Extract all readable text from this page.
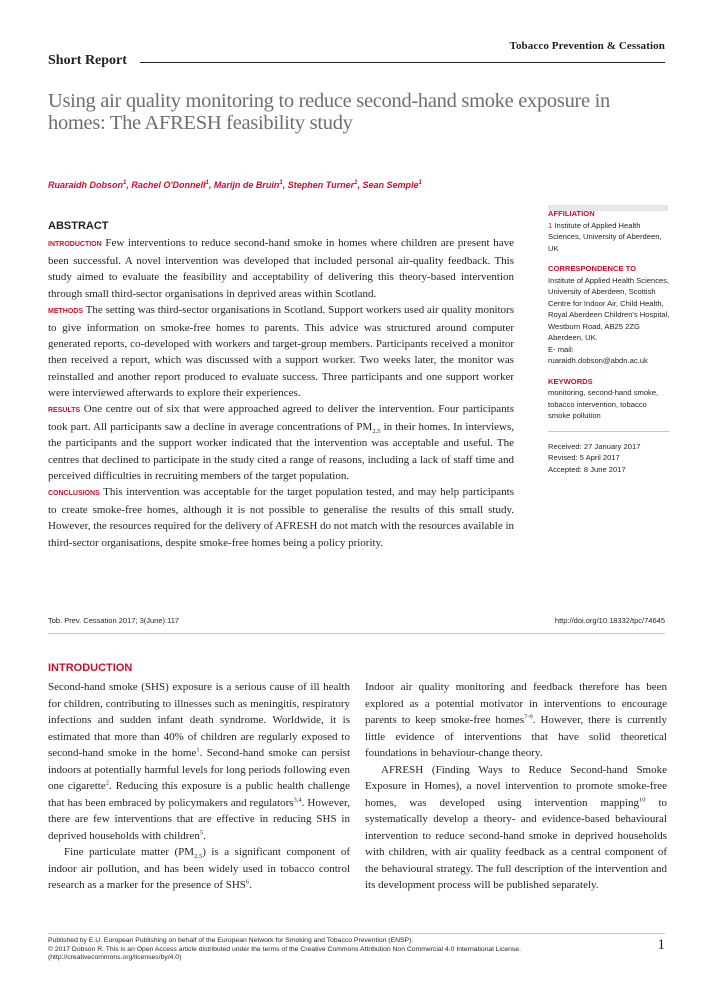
Tobacco Prevention & Cessation
Short Report
Using air quality monitoring to reduce second-hand smoke exposure in homes: The AFRESH feasibility study
Ruaraidh Dobson$^1$, Rachel O'Donnell$^1$, Marijn de Bruin$^1$, Stephen Turner$^1$, Sean Semple$^1$
AFFILIATION
1 Institute of Applied Health Sciences, University of Aberdeen, UK
CORRESPONDENCE TO
Institute of Applied Health Sciences, University of Aberdeen, Scottish Centre for Indoor Air, Child Health, Royal Aberdeen Children's Hospital, Westburn Road, AB25 2ZG Aberdeen, UK.
E- mail: ruaraidh.dobson@abdn.ac.uk
KEYWORDS
monitoring, second-hand smoke, tobacco intervention, tobacco smoke pollution
Received: 27 January 2017
Revised: 5 April 2017
Accepted: 8 June 2017
ABSTRACT

INTRODUCTION Few interventions to reduce second-hand smoke in homes where children are present have been successful. A novel intervention was developed that included personal air-quality feedback. This study aimed to evaluate the feasibility and acceptability of delivering this theory-based intervention through small third-sector organisations in deprived areas within Scotland.

METHODS The setting was third-sector organisations in Scotland. Support workers used air quality monitors to give information on smoke-free homes to parents. This advice was structured around computer generated reports, co-developed with workers and target-group members. Participants received a monitor then received a report, which was discussed with a support worker. Two weeks later, the monitor was reinstalled and another report produced to evaluate success. Three participants and one support worker were interviewed afterwards to explore their experiences.

RESULTS One centre out of six that were approached agreed to deliver the intervention. Four participants took part. All participants saw a decline in average concentrations of $PM_{2.5}$ in their homes. In interviews, the participants and the support worker indicated that the intervention was acceptable and useful. The centres that declined to participate in the study cited a range of reasons, including a lack of staff time and perceived difficulties in recruiting members of the target population.

CONCLUSIONS This intervention was acceptable for the target population tested, and may help participants to create smoke-free homes, although it is not possible to generalise the results of this small study. However, the resources required for the delivery of AFRESH do not match with the resources available in third-sector organisations, despite smoke-free homes being a policy priority.

Tob. Prev. Cessation 2017; 3(June):117	http://doi.org/10.18332/tpc/74645
INTRODUCTION

Second-hand smoke (SHS) exposure is a serious cause of ill health for children, contributing to illnesses such as meningitis, respiratory infections and sudden infant death syndrome. Worldwide, it is estimated that more than 40% of children are regularly exposed to second-hand smoke in the home$^1$. Second-hand smoke can persist indoors at potentially harmful levels for long periods following even one cigarette$^2$. Reducing this exposure is a public health challenge that has been embraced by policymakers and regulators$^{3,4}$. However, there are few interventions that are effective in reducing SHS in deprived households with children$^5$.

Fine particulate matter $(PM_{2.5})$ is a significant component of indoor air pollution, and has been widely used in tobacco control research as a marker for the presence of SHS$^6$.

Indoor air quality monitoring and feedback therefore has been explored as a potential motivator in interventions to encourage parents to keep smoke-free homes$^{7-9}$. However, there is currently little evidence of interventions that have solid theoretical foundations in behaviour-change theory.

AFRESH (Finding Ways to Reduce Second-hand Smoke Exposure in Homes), a novel intervention to promote smoke-free homes, was developed using intervention mapping$^{10}$ to systematically develop a theory- and evidence-based behavioural intervention to reduce second-hand smoke in deprived households with children, with air quality feedback as a central component of the behavioural strategy. The full description of the intervention and its development process will be published separately.

Published by E.U. European Publishing on behalf of the European Network for Smoking and Tobacco Prevention (ENSP).
© 2017 Dobson R. This is an Open Access article distributed under the terms of the Creative Commons Attribution Non Commercial 4.0 International License.
(http://creativecommons.org/licenses/by/4.0)
1
